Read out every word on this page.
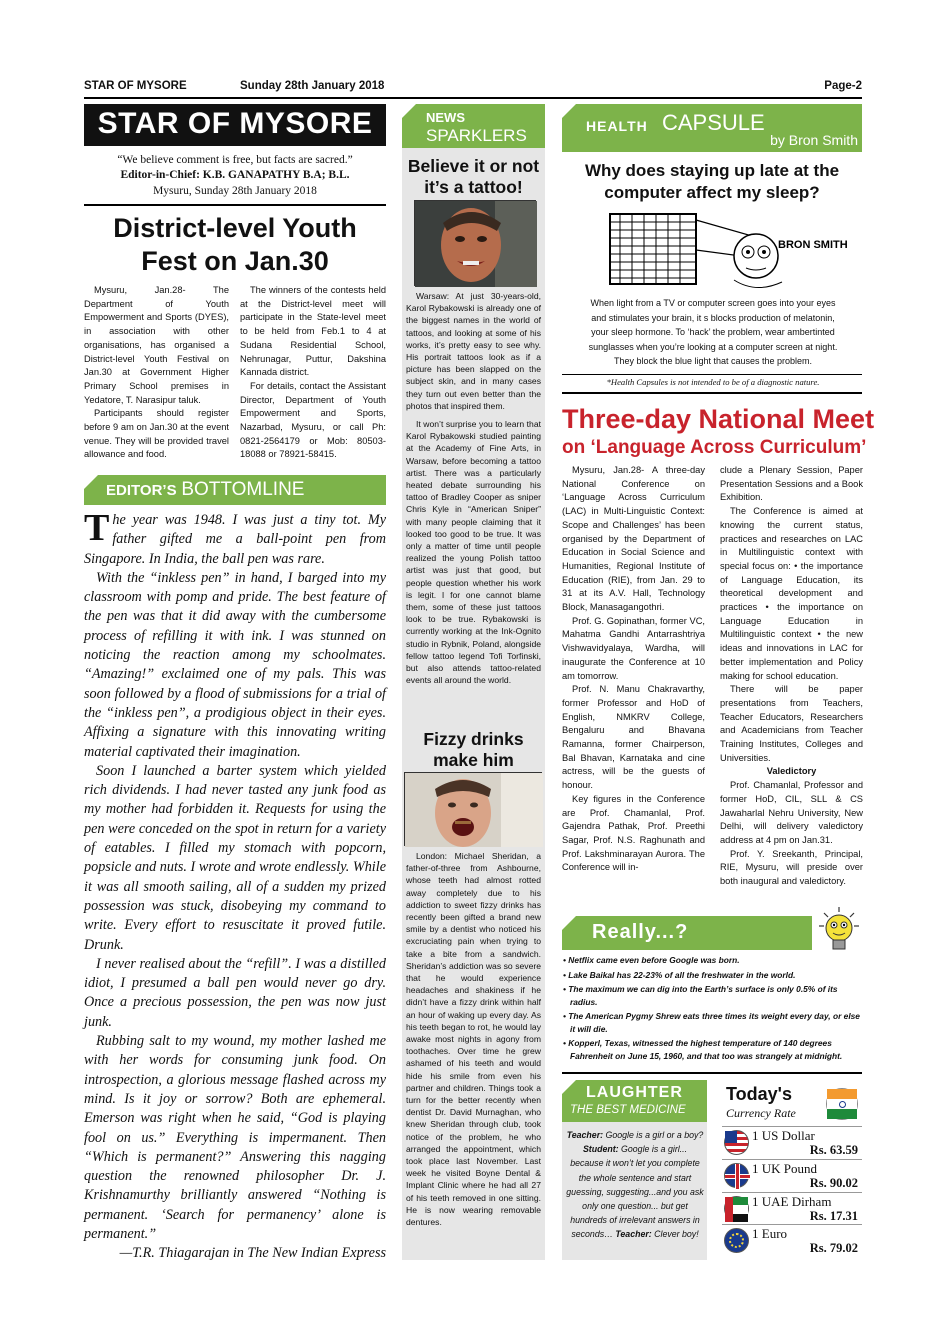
STAR OF MYSORE	Sunday 28th January 2018	Page-2
STAR OF MYSORE
“We believe comment is free, but facts are sacred.”
Editor-in-Chief: K.B. GANAPATHY B.A; B.L.
Mysuru, Sunday 28th January 2018
District-level Youth Fest on Jan.30

Mysuru, Jan.28- The Department of Youth Empowerment and Sports (DYES), in association with other organisations, has organised a District-level Youth Festival on Jan.30 at Government Higher Primary School premises in Yedatore, T. Narasipur taluk.

Participants should register before 9 am on Jan.30 at the event venue. They will be provided travel allowance and food.

The winners of the contests held at the District-level meet will participate in the State-level meet to be held from Feb.1 to 4 at Sudana Residential School, Nehrunagar, Puttur, Dakshina Kannada district.

For details, contact the Assistant Director, Department of Youth Empowerment and Sports, Nazarbad, Mysuru, or call Ph: 0821-2564179 or Mob: 80503-18088 or 78921-58415.

EDITOR’S BOTTOMLINE

The year was 1948. I was just a tiny tot. My father gifted me a ball-point pen from Singapore. In India, the ball pen was rare.

With the “inkless pen” in hand, I barged into my classroom with pomp and pride. The best feature of the pen was that it did away with the cumbersome process of refilling it with ink. I was stunned on noticing the reaction among my schoolmates. “Amazing!” exclaimed one of my pals. This was soon followed by a flood of submissions for a trial of the “inkless pen”, a prodigious object in their eyes. Affixing a signature with this innovating writing material captivated their imagination.

Soon I launched a barter system which yielded rich dividends. I had never tasted any junk food as my mother had forbidden it. Requests for using the pen were conceded on the spot in return for a variety of eatables. I filled my stomach with popcorn, popsicle and nuts. I wrote and wrote endlessly. While it was all smooth sailing, all of a sudden my prized possession was stuck, disobeying my command to write. Every effort to resuscitate it proved futile. Drunk.

I never realised about the “refill”. I was a distilled idiot, I presumed a ball pen would never go dry. Once a precious possession, the pen was now just junk.

Rubbing salt to my wound, my mother lashed me with her words for consuming junk food. On introspection, a glorious message flashed across my mind. Is it joy or sorrow? Both are ephemeral. Emerson was right when he said, “God is playing fool on us.” Everything is impermanent. Then “Which is permanent?” Answering this nagging question the renowned philosopher Dr. J. Krishnamurthy brilliantly answered “Nothing is permanent. ‘Search for permanency’ alone is permanent.”

—T.R. Thiagarajan in The New Indian Express

NEWS
SPARKLERS
Believe it or not it’s a tattoo!

Warsaw: At just 30-years-old, Karol Rybakowski is already one of the biggest names in the world of tattoos, and looking at some of his works, it’s pretty easy to see why. His portrait tattoos look as if a picture has been slapped on the subject skin, and in many cases they turn out even better than the photos that inspired them.

It won’t surprise you to learn that Karol Rybakowski studied painting at the Academy of Fine Arts, in Warsaw, before becoming a tattoo artist. There was a particularly heated debate surrounding his tattoo of Bradley Cooper as sniper Chris Kyle in “American Sniper” with many people claiming that it looked too good to be true. It was only a matter of time until people realized the young Polish tattoo artist was just that good, but people question whether his work is legit. I for one cannot blame them, some of these just tattoos look to be true. Rybakowski is currently working at the Ink-Ognito studio in Rybnik, Poland, alongside fellow tattoo legend Tofi Torfinski, but also attends tattoo-related events all around the world.

Fizzy drinks make him

London: Michael Sheridan, a father-of-three from Ashbourne, whose teeth had almost rotted away completely due to his addiction to sweet fizzy drinks has recently been gifted a brand new smile by a dentist who noticed his excruciating pain when trying to take a bite from a sandwich. Sheridan’s addiction was so severe that he would experience headaches and shakiness if he didn’t have a fizzy drink within half an hour of waking up every day. As his teeth began to rot, he would lay awake most nights in agony from toothaches. Over time he grew ashamed of his teeth and would hide his smile from even his partner and children. Things took a turn for the better recently when dentist Dr. David Murnaghan, who knew Sheridan through club, took notice of the problem, he who arranged the appointment, which took place last November. Last week he visited Boyne Dental & Implant Clinic where he had all 27 of his teeth removed in one sitting. He is now wearing removable dentures.

HEALTH CAPSULE
by Bron Smith
Why does staying up late at the computer affect my sleep?
BRON SMITH
When light from a TV or computer screen goes into your eyes and stimulates your brain, it s blocks production of melatonin, your sleep hormone. To ‘hack’ the problem, wear ambertinted sunglasses when you’re looking at a computer screen at night. They block the blue light that causes the problem.
*Health Capsules is not intended to be of a diagnostic nature.
Three-day National Meet
on ‘Language Across Curriculum’

Mysuru, Jan.28- A three-day National Conference on ‘Language Across Curriculum (LAC) in Multi-Linguistic Context: Scope and Challenges’ has been organised by the Department of Education in Social Science and Humanities, Regional Institute of Education (RIE), from Jan. 29 to 31 at its A.V. Hall, Technology Block, Manasagangothri.

Prof. G. Gopinathan, former VC, Mahatma Gandhi Antarrashtriya Vishwavidyalaya, Wardha, will inaugurate the Conference at 10 am tomorrow.

Prof. N. Manu Chakravarthy, former Professor and HoD of English, NMKRV College, Bengaluru and Bhavana Ramanna, former Chairperson, Bal Bhavan, Karnataka and cine actress, will be the guests of honour.

Key figures in the Conference are Prof. Chamanlal, Prof. Gajendra Pathak, Prof. Preethi Sagar, Prof. N.S. Raghunath and Prof. Lakshminarayan Aurora. The Conference will in-

clude a Plenary Session, Paper Presentation Sessions and a Book Exhibition.

The Conference is aimed at knowing the current status, practices and researches on LAC in Multilinguistic context with special focus on: • the importance of Language Education, its theoretical development and practices • the importance on Language Education in Multilinguistic context • the new ideas and innovations in LAC for better implementation and Policy making for school education.

There will be paper presentations from Teachers, Teacher Educators, Researchers and Academicians from Teacher Training Institutes, Colleges and Universities.

Valedictory

Prof. Chamanlal, Professor and former HoD, CIL, SLL & CS Jawaharlal Nehru University, New Delhi, will delivery valedictory address at 4 pm on Jan.31.

Prof. Y. Sreekanth, Principal, RIE, Mysuru, will preside over both inaugural and valedictory.

Really...?
• Netflix came even before Google was born.
• Lake Baikal has 22-23% of all the freshwater in the world.
• The maximum we can dig into the Earth’s surface is only 0.5% of its radius.
• The American Pygmy Shrew eats three times its weight every day, or else it will die.
• Kopperl, Texas, witnessed the highest temperature of 140 degrees Fahrenheit on June 15, 1960, and that too was strangely at midnight.
LAUGHTER
THE BEST MEDICINE
Teacher: Google is a girl or a boy? Student: Google is a girl... because it won’t let you complete the whole sentence and start guessing, suggesting...and you ask only one question... but get hundreds of irrelevant answers in seconds… Teacher: Clever boy!
Today's
Currency Rate
1 US Dollar
Rs. 63.59
1 UK Pound
Rs. 90.02
1 UAE Dirham
Rs. 17.31
1 Euro
Rs. 79.02
